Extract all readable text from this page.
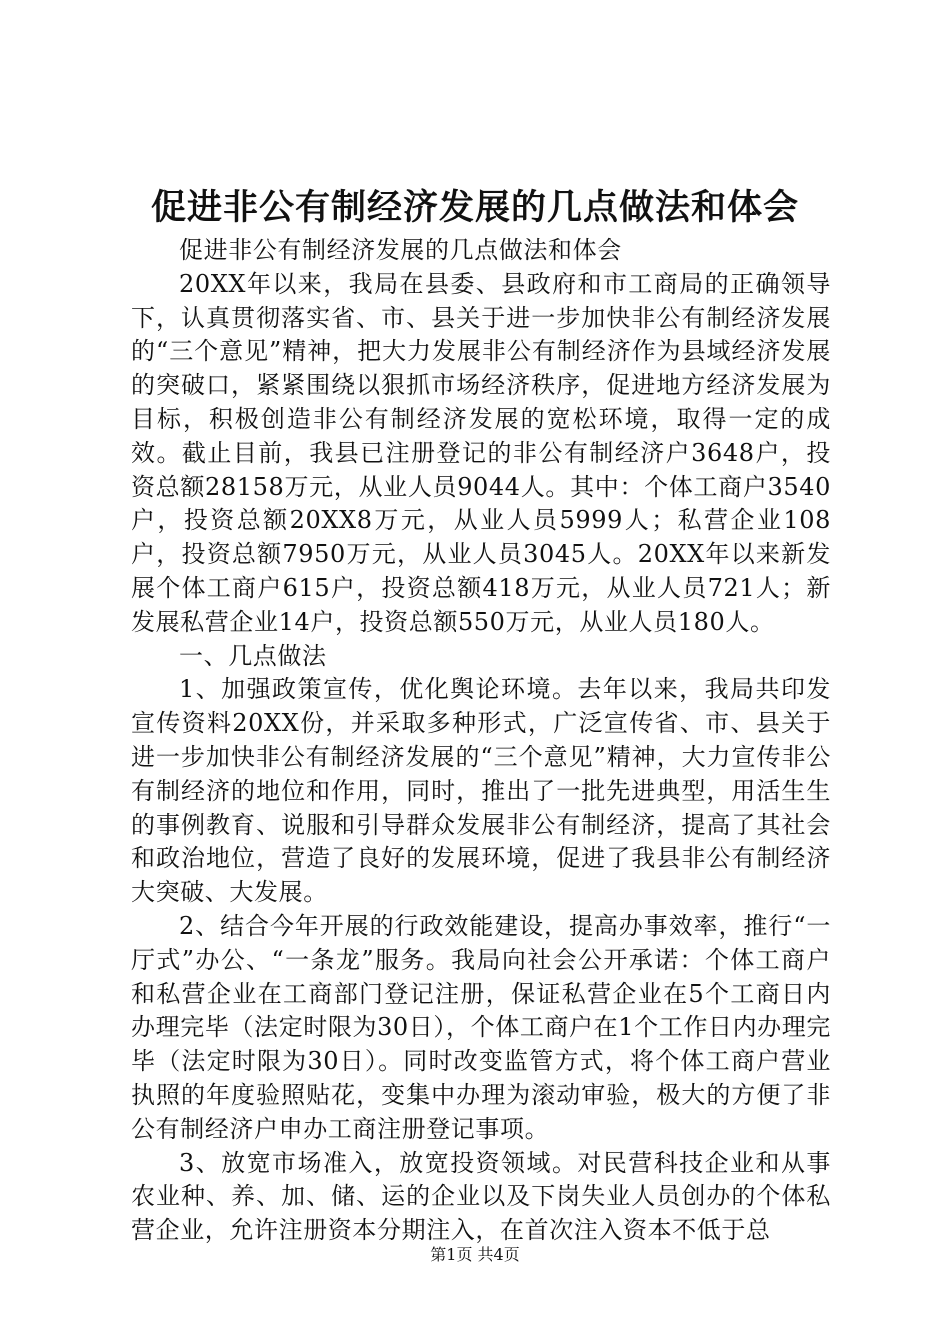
促进非公有制经济发展的几点做法和体会

促进非公有制经济发展的几点做法和体会

20XX年以来，我局在县委、县政府和市工商局的正确领导下，认真贯彻落实省、市、县关于进一步加快非公有制经济发展的“三个意见”精神，把大力发展非公有制经济作为县域经济发展的突破口，紧紧围绕以狠抓市场经济秩序，促进地方经济发展为目标，积极创造非公有制经济发展的宽松环境，取得一定的成效。截止目前，我县已注册登记的非公有制经济户3648户，投资总额28158万元，从业人员9044人。其中：个体工商户3540户，投资总额20XX8万元，从业人员5999人；私营企业108户，投资总额7950万元，从业人员3045人。20XX年以来新发展个体工商户615户，投资总额418万元，从业人员721人；新发展私营企业14户，投资总额550万元，从业人员180人。

一、几点做法

1、加强政策宣传，优化舆论环境。去年以来，我局共印发宣传资料20XX份，并采取多种形式，广泛宣传省、市、县关于进一步加快非公有制经济发展的“三个意见”精神，大力宣传非公有制经济的地位和作用，同时，推出了一批先进典型，用活生生的事例教育、说服和引导群众发展非公有制经济，提高了其社会和政治地位，营造了良好的发展环境，促进了我县非公有制经济大突破、大发展。

2、结合今年开展的行政效能建设，提高办事效率，推行“一厅式”办公、“一条龙”服务。我局向社会公开承诺：个体工商户和私营企业在工商部门登记注册，保证私营企业在5个工商日内办理完毕（法定时限为30日），个体工商户在1个工作日内办理完毕（法定时限为30日）。同时改变监管方式，将个体工商户营业执照的年度验照贴花，变集中办理为滚动审验，极大的方便了非公有制经济户申办工商注册登记事项。

3、放宽市场准入，放宽投资领域。对民营科技企业和从事农业种、养、加、储、运的企业以及下岗失业人员创办的个体私营企业，允许注册资本分期注入，在首次注入资本不低于总

第1页 共4页
